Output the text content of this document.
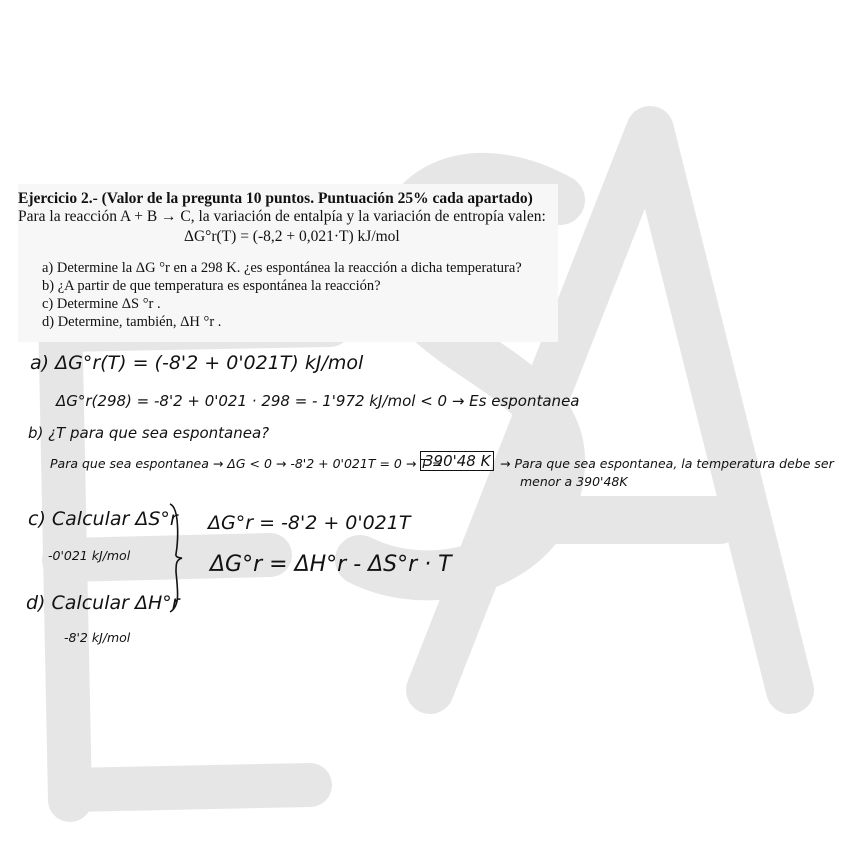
Ejercicio 2.- (Valor de la pregunta 10 puntos. Puntuación 25% cada apartado)
Para la reacción A + B → C, la variación de entalpía y la variación de entropía valen:
ΔG°r(T) = (-8,2 + 0,021·T) kJ/mol
a) Determine la ΔG °r en a 298 K. ¿es espontánea la reacción a dicha temperatura?
b) ¿A partir de que temperatura es espontánea la reacción?
c) Determine ΔS °r .
d) Determine, también, ΔH °r .
a) ΔG°r(T) = (-8'2 + 0'021T) kJ/mol
ΔG°r(298) = -8'2 + 0'021 · 298 = - 1'972 kJ/mol < 0 → Es espontanea
b) ¿T para que sea espontanea?
Para que sea espontanea → ΔG < 0 → -8'2 + 0'021T = 0 → T =
390'48 K → Para que sea espontanea, la temperatura debe ser
menor a 390'48K
c) Calcular ΔS°r
-0'021 kJ/mol
ΔG°r = -8'2 + 0'021T
ΔG°r = ΔH°r - ΔS°r · T
d) Calcular ΔH°r
-8'2 kJ/mol
